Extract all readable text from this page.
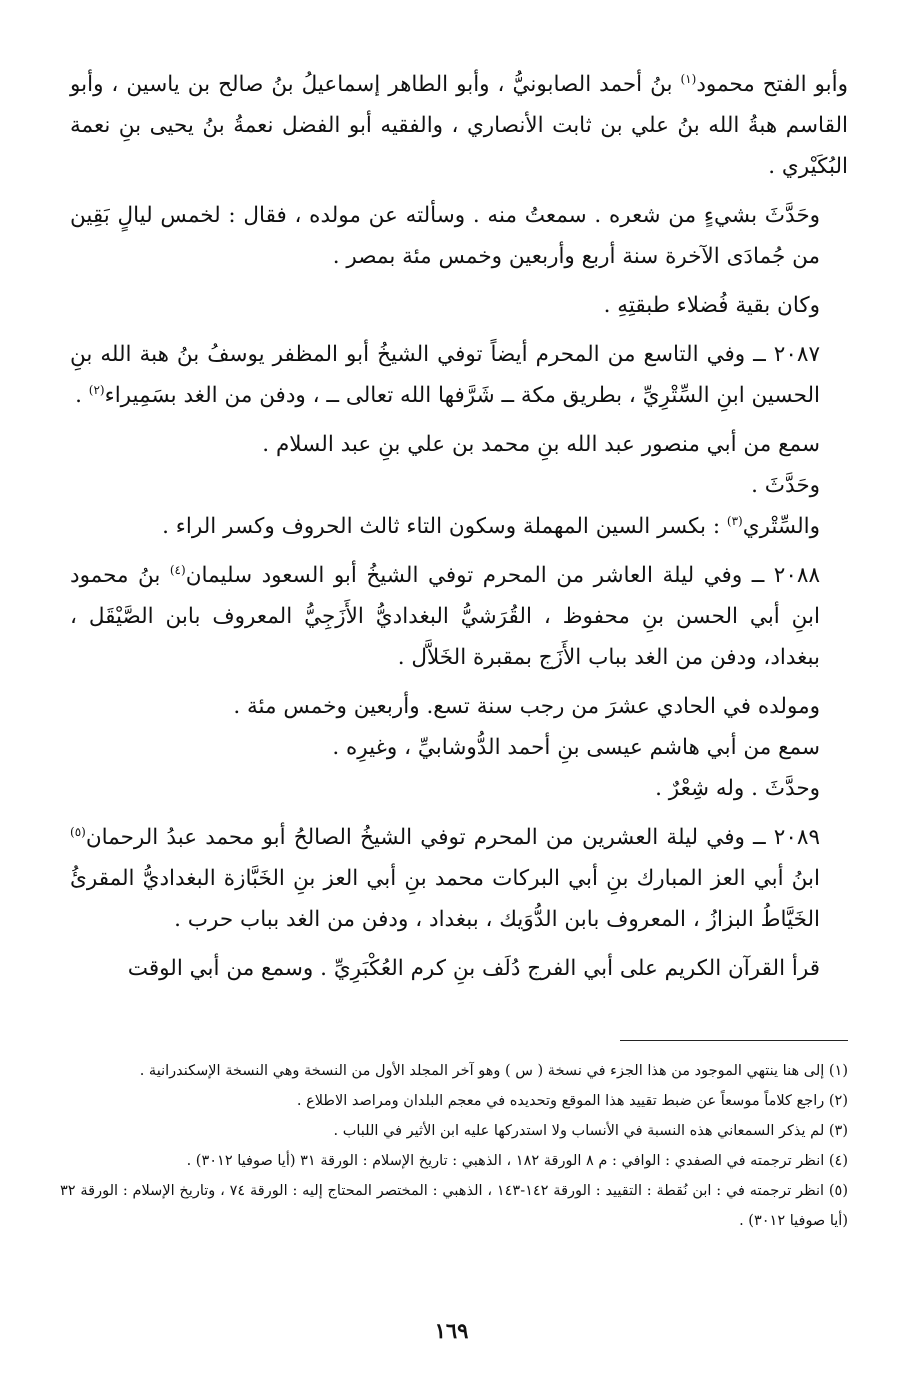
وأبو الفتح محمود$^{(١)}$ بنُ أحمد الصابونيُّ ، وأبو الطاهر إسماعيلُ بنُ صالح بن ياسين ، وأبو القاسم هبةُ الله بنُ علي بن ثابت الأنصاري ، والفقيه أبو الفضل نعمةُ بنُ يحيى بنِ نعمة البُكَيْري .

وحَدَّثَ بشيءٍ من شعره . سمعتُ منه . وسألته عن مولده ، فقال : لخمس ليالٍ بَقِين من جُمادَى الآخرة سنة أربع وأربعين وخمس مئة بمصر .

وكان بقية فُضلاء طبقتِهِ .

٢٠٨٧ ــ وفي التاسع من المحرم أيضاً توفي الشيخُ أبو المظفر يوسفُ بنُ هبة الله بنِ الحسين ابنِ السِّتْرِيِّ ، بطريق مكة ــ شَرَّفها الله تعالى ــ ، ودفن من الغد بسَمِيراء$^{(٢)}$ .

سمع من أبي منصور عبد الله بنِ محمد بن علي بنِ عبد السلام .

وحَدَّثَ .

والسِّتْري$^{(٣)}$ : بكسر السين المهملة وسكون التاء ثالث الحروف وكسر الراء .

٢٠٨٨ ــ وفي ليلة العاشر من المحرم توفي الشيخُ أبو السعود سليمان$^{(٤)}$ بنُ محمود ابنِ أبي الحسن بنِ محفوظ ، القُرَشيُّ البغداديُّ الأَزَجِيُّ المعروف بابن الصَّيْقَل ، ببغداد، ودفن من الغد بباب الأَزَج بمقبرة الخَلاَّل .

ومولده في الحادي عشرَ من رجب سنة تسع. وأربعين وخمس مئة .

سمع من أبي هاشم عيسى بنِ أحمد الدُّوشابيِّ ، وغيرِه .

وحدَّثَ . وله شِعْرٌ .

٢٠٨٩ ــ وفي ليلة العشرين من المحرم توفي الشيخُ الصالحُ أبو محمد عبدُ الرحمان$^{(٥)}$ ابنُ أبي العز المبارك بنِ أبي البركات محمد بنِ أبي العز بنِ الخَبَّازة البغداديُّ المقرئُ الخَيَّاطُ البزازُ ، المعروف بابن الدُّوَيك ، ببغداد ، ودفن من الغد بباب حرب .

قرأ القرآن الكريم على أبي الفرج دُلَف بنِ كرم العُكْبَرِيِّ . وسمع من أبي الوقت

(١) إلى هنا ينتهي الموجود من هذا الجزء في نسخة ( س ) وهو آخر المجلد الأول من النسخة وهي النسخة الإسكندرانية .

(٢) راجع كلاماً موسعاً عن ضبط تقييد هذا الموقع وتحديده في معجم البلدان ومراصد الاطلاع .

(٣) لم يذكر السمعاني هذه النسبة في الأنساب ولا استدركها عليه ابن الأثير في اللباب .

(٤) انظر ترجمته في الصفدي : الوافي : م ٨ الورقة ١٨٢ ، الذهبي : تاريخ الإسلام : الورقة ٣١ (أيا صوفيا ٣٠١٢) .

(٥) انظر ترجمته في : ابن نُقطة : التقييد : الورقة ١٤٢-١٤٣ ، الذهبي : المختصر المحتاج إليه : الورقة ٧٤ ، وتاريخ الإسلام : الورقة ٣٢ (أيا صوفيا ٣٠١٢) .

١٦٩
